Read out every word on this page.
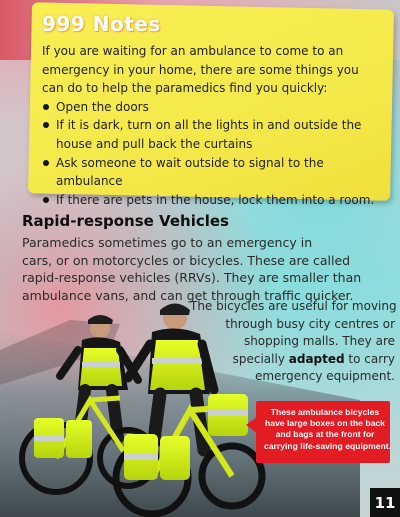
999 Notes

If you are waiting for an ambulance to come to an

emergency in your home, there are some things you

can do to help the paramedics find you quickly:

Open the doors
If it is dark, turn on all the lights in and outside the house and pull back the curtains
Ask someone to wait outside to signal to the ambulance
If there are pets in the house, lock them into a room.
Rapid-response Vehicles

Paramedics sometimes go to an emergency in
cars, or on motorcycles or bicycles. These are called
rapid-response vehicles (RRVs). They are smaller than
ambulance vans, and can get through traffic quicker.

The bicycles are useful for moving
through busy city centres or
shopping malls. They are
specially adapted to carry
emergency equipment.

These ambulance bicycles
have large boxes on the back
and bags at the front for
carrying life-saving equipment.

11
